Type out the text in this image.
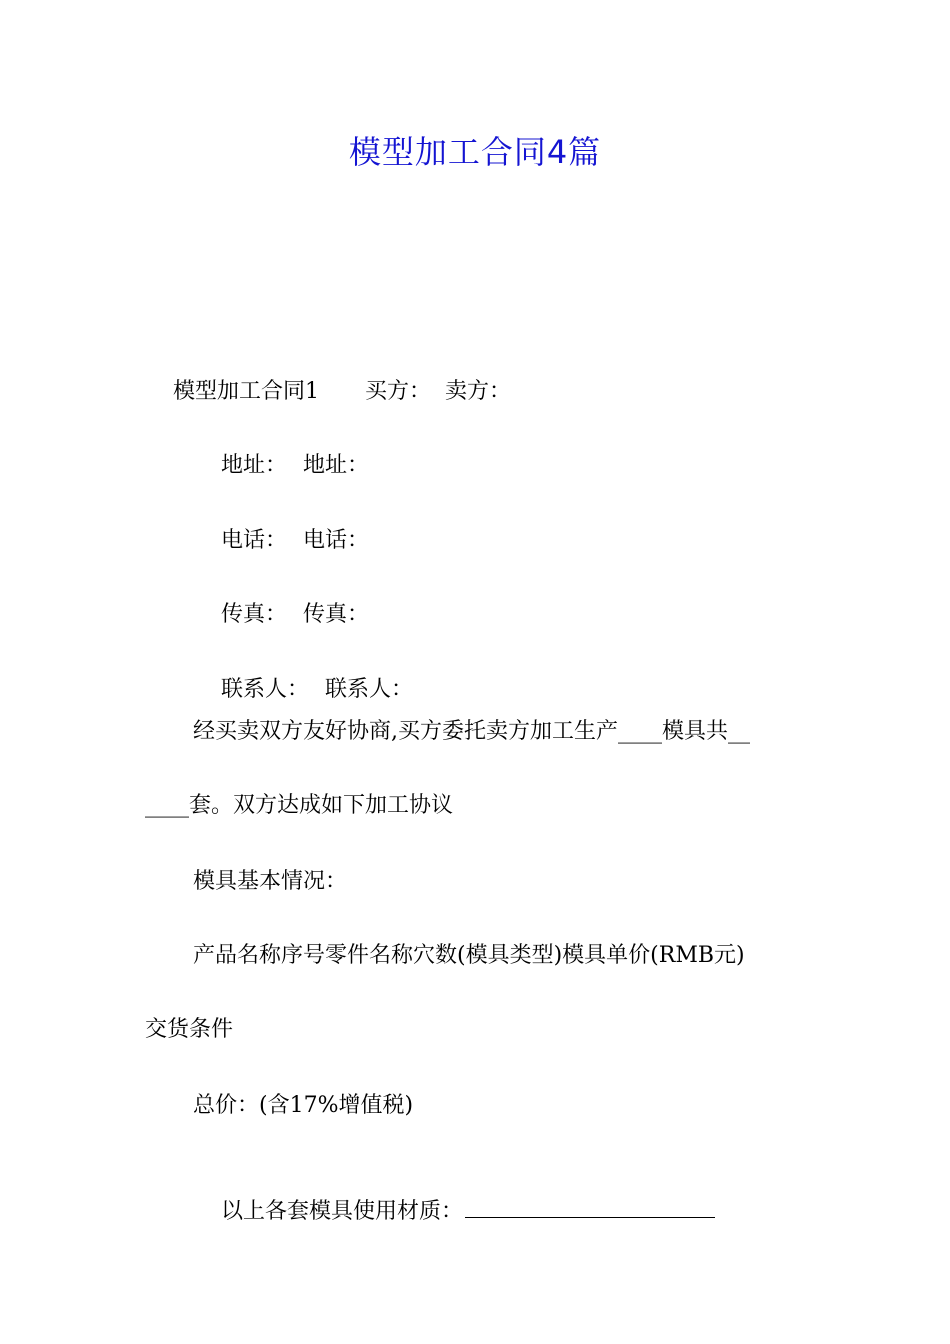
模型加工合同4篇

模型加工合同1 买方： 卖方：

地址： 地址：

电话： 电话：

传真： 传真：

联系人： 联系人：

经买卖双方友好协商,买方委托卖方加工生产____模具共__
____套。双方达成如下加工协议
模具基本情况：
产品名称序号零件名称穴数(模具类型)模具单价(RMB元)
交货条件
总价：(含17%增值税)

以上各套模具使用材质：
